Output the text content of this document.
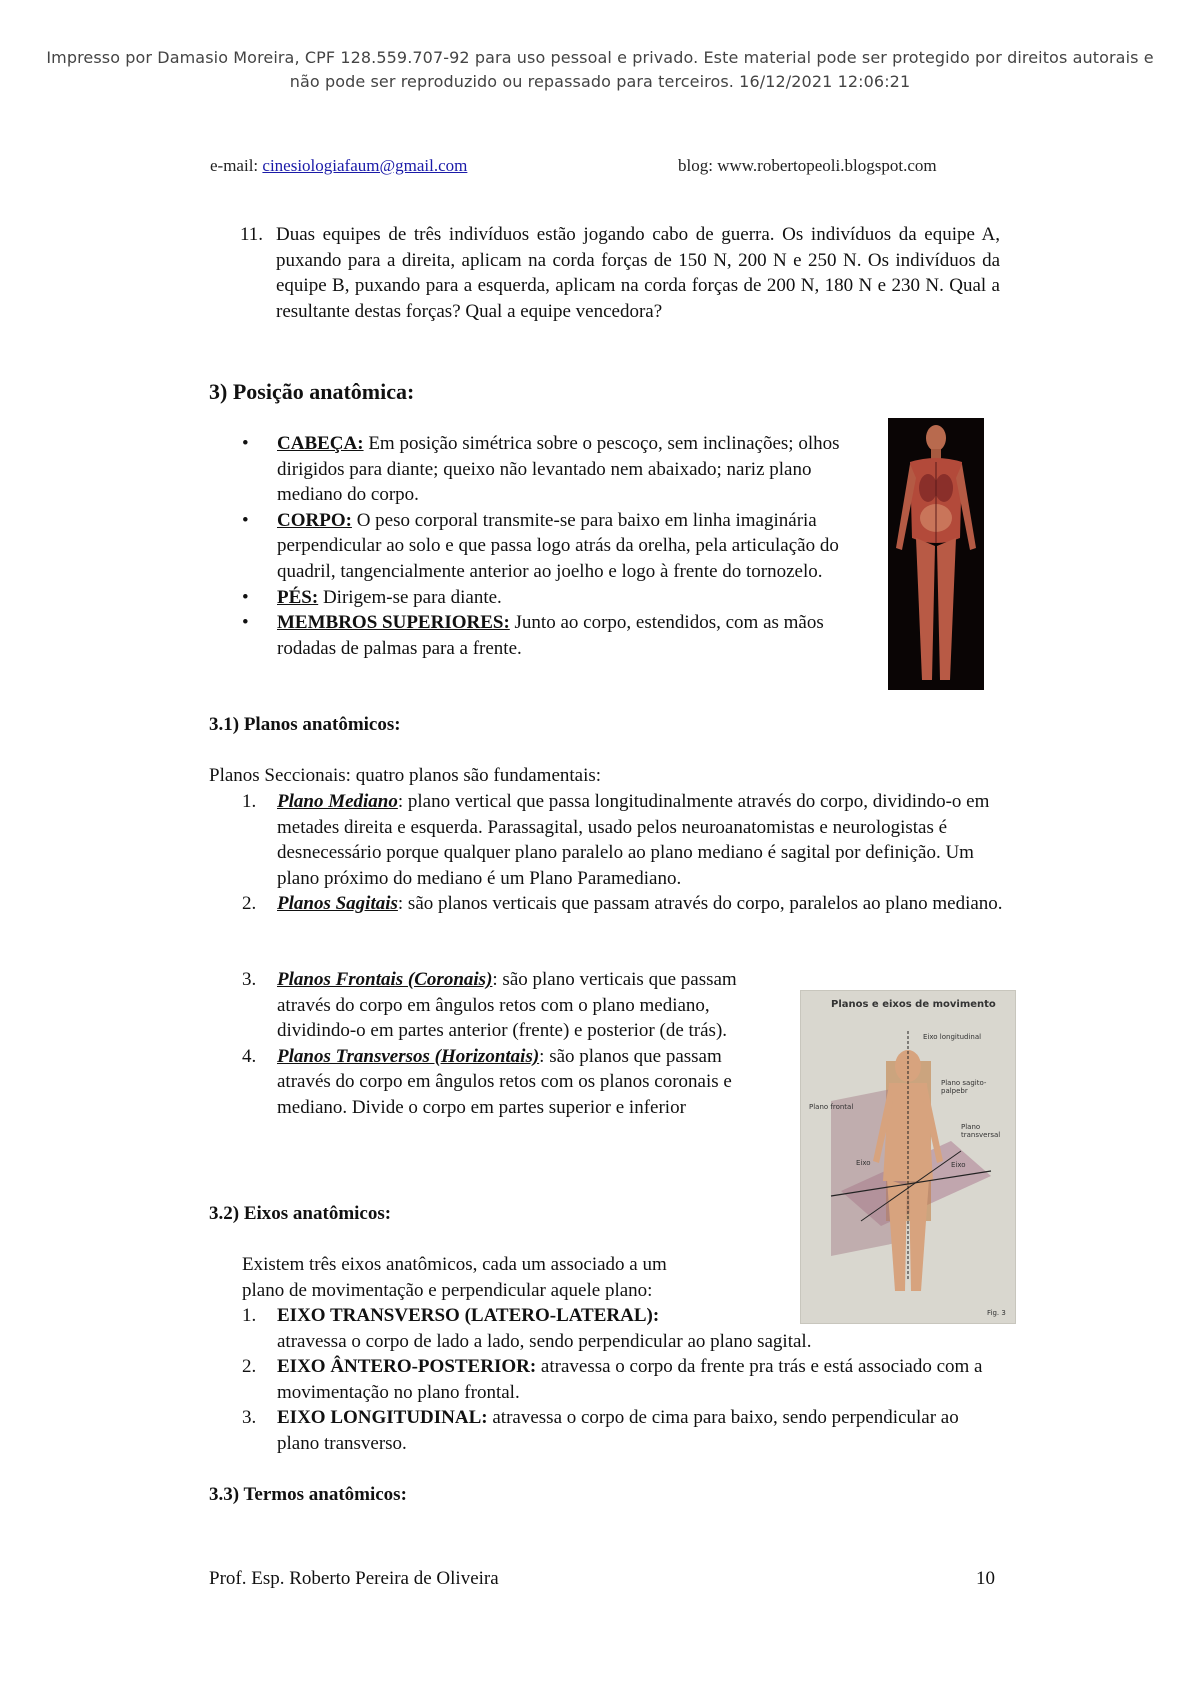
Impresso por Damasio Moreira, CPF 128.559.707-92 para uso pessoal e privado. Este material pode ser protegido por direitos autorais e
não pode ser reproduzido ou repassado para terceiros. 16/12/2021 12:06:21
e-mail: cinesiologiafaum@gmail.com	blog: www.robertopeoli.blogspot.com
11. Duas equipes de três indivíduos estão jogando cabo de guerra. Os indivíduos da equipe A, puxando para a direita, aplicam na corda forças de 150 N, 200 N e 250 N. Os indivíduos da equipe B, puxando para a esquerda, aplicam na corda forças de 200 N, 180 N e 230 N. Qual a resultante destas forças? Qual a equipe vencedora?
3) Posição anatômica:
• CABEÇA: Em posição simétrica sobre o pescoço, sem inclinações; olhos dirigidos para diante; queixo não levantado nem abaixado; nariz plano mediano do corpo.
• CORPO: O peso corporal transmite-se para baixo em linha imaginária perpendicular ao solo e que passa logo atrás da orelha, pela articulação do quadril, tangencialmente anterior ao joelho e logo à frente do tornozelo.
• PÉS: Dirigem-se para diante.
• MEMBROS SUPERIORES: Junto ao corpo, estendidos, com as mãos rodadas de palmas para a frente.
3.1) Planos anatômicos:
Planos Seccionais: quatro planos são fundamentais:
1. Plano Mediano: plano vertical que passa longitudinalmente através do corpo, dividindo-o em metades direita e esquerda. Parassagital, usado pelos neuroanatomistas e neurologistas é desnecessário porque qualquer plano paralelo ao plano mediano é sagital por definição. Um plano próximo do mediano é um Plano Paramediano.
2. Planos Sagitais: são planos verticais que passam através do corpo, paralelos ao plano mediano.
3. Planos Frontais (Coronais): são plano verticais que passam através do corpo em ângulos retos com o plano mediano, dividindo-o em partes anterior (frente) e posterior (de trás).
4. Planos Transversos (Horizontais): são planos que passam através do corpo em ângulos retos com os planos coronais e mediano. Divide o corpo em partes superior e inferior
Planos e eixos de movimento
Eixo longitudinal
Plano sagito-palpebr
Plano frontal
Plano transversal
Eixo	Eixo
Fig. 3
3.2) Eixos anatômicos:
Existem três eixos anatômicos, cada um associado a um
plano de movimentação e perpendicular aquele plano:
1. EIXO TRANSVERSO (LATERO-LATERAL):
atravessa o corpo de lado a lado, sendo perpendicular ao plano sagital.
2. EIXO ÂNTERO-POSTERIOR: atravessa o corpo da frente pra trás e está associado com a movimentação no plano frontal.
3. EIXO LONGITUDINAL: atravessa o corpo de cima para baixo, sendo perpendicular ao plano transverso.
3.3) Termos anatômicos:
Prof. Esp. Roberto Pereira de Oliveira	10
